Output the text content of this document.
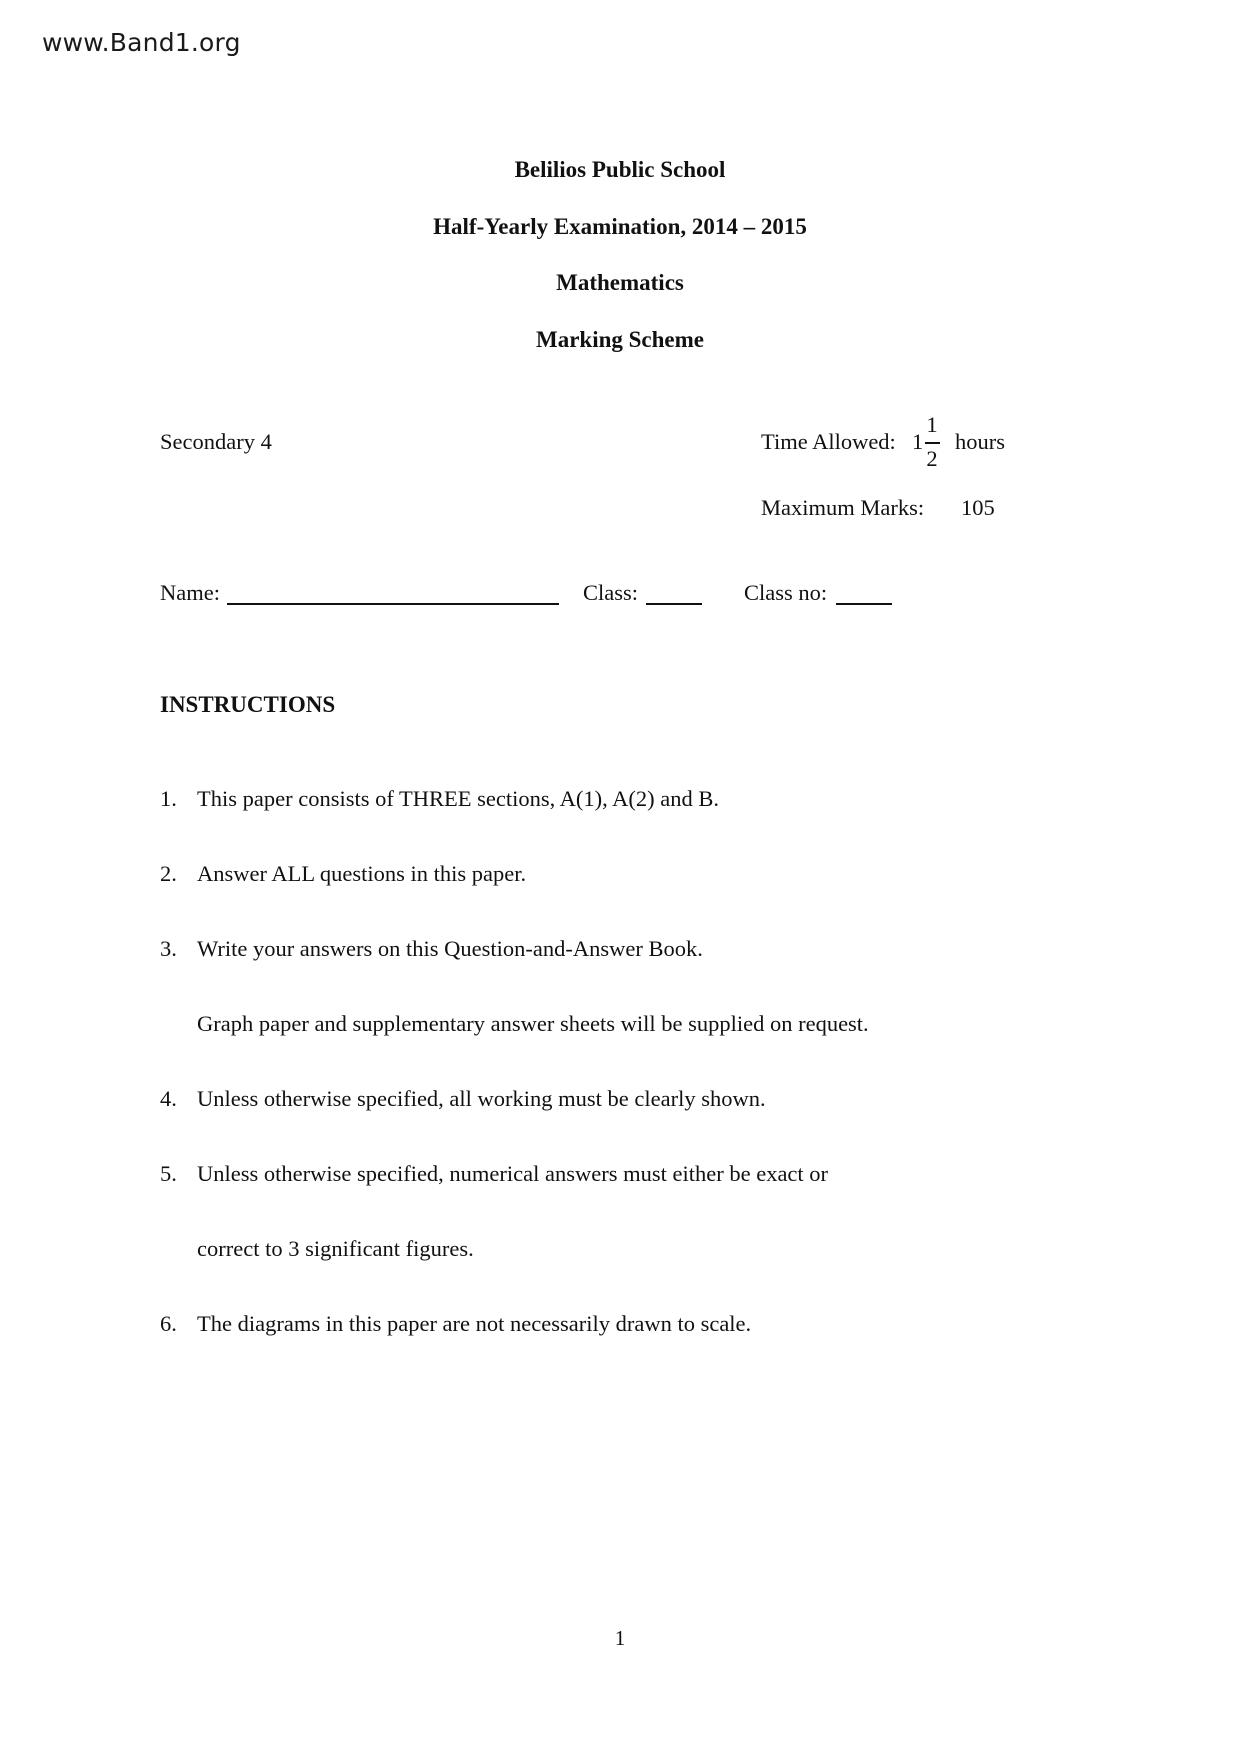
www.Band1.org
Belilios Public School
Half-Yearly Examination, 2014 – 2015
Mathematics
Marking Scheme
Secondary 4	Time Allowed: 1
1
2
hours
Maximum Marks: 105
Name:	Class:	Class no:
INSTRUCTIONS
1. This paper consists of THREE sections, A(1), A(2) and B.
2. Answer ALL questions in this paper.
3. Write your answers on this Question-and-Answer Book.
Graph paper and supplementary answer sheets will be supplied on request.
4. Unless otherwise specified, all working must be clearly shown.
5. Unless otherwise specified, numerical answers must either be exact or
correct to 3 significant figures.
6. The diagrams in this paper are not necessarily drawn to scale.
1
